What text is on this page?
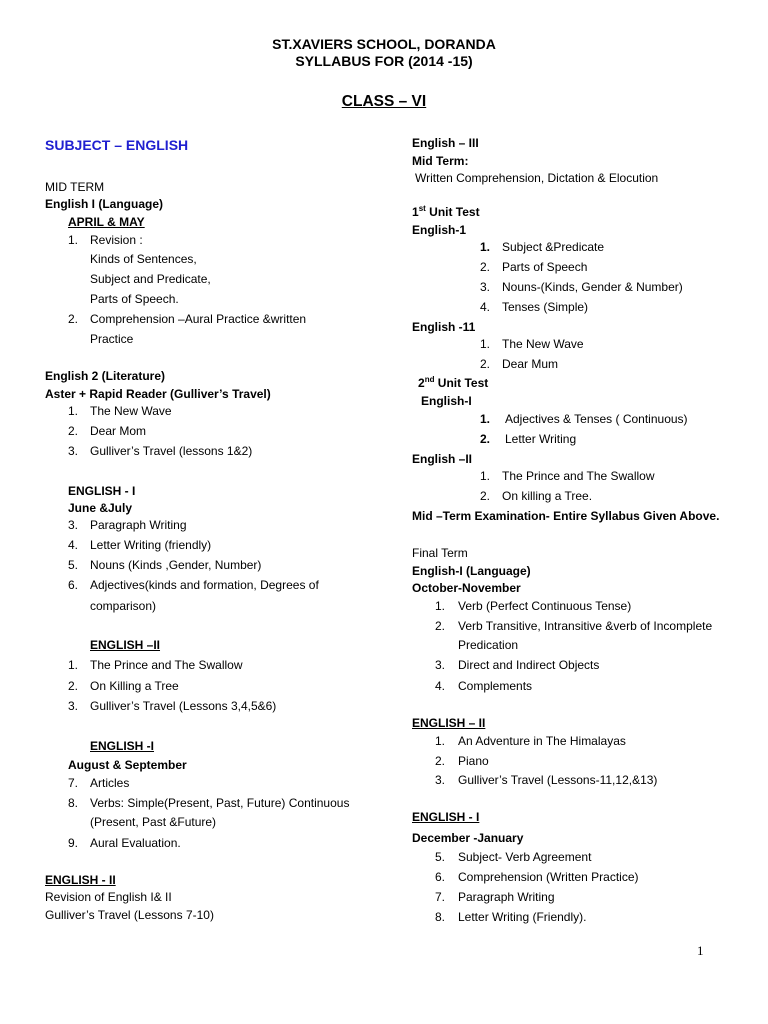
ST.XAVIERS SCHOOL, DORANDA
SYLLABUS FOR (2014 -15)
CLASS – VI
SUBJECT – ENGLISH
MID TERM
English I (Language)
APRIL & MAY
1. Revision :
Kinds of Sentences,
Subject and Predicate,
Parts of Speech.
2. Comprehension –Aural Practice &written
Practice
English 2 (Literature)
Aster + Rapid Reader (Gulliver’s Travel)
1. The New Wave
2. Dear Mom
3. Gulliver’s Travel (lessons 1&2)
ENGLISH - I
June &July
3. Paragraph Writing
4. Letter Writing (friendly)
5. Nouns (Kinds ,Gender, Number)
6. Adjectives(kinds and formation, Degrees of
comparison)
ENGLISH –II
1. The Prince and The Swallow
2. On Killing a Tree
3. Gulliver’s Travel (Lessons 3,4,5&6)
ENGLISH -I
August & September
7. Articles
8. Verbs: Simple(Present, Past, Future) Continuous
(Present, Past &Future)
9. Aural Evaluation.
ENGLISH - II
Revision of English I& II
Gulliver’s Travel (Lessons 7-10)
English – III
Mid Term:
Written Comprehension, Dictation & Elocution
1st Unit Test
English-1
1. Subject &Predicate
2. Parts of Speech
3. Nouns-(Kinds, Gender & Number)
4. Tenses (Simple)
English -11
1. The New Wave
2. Dear Mum
2nd Unit Test
English-I
1. Adjectives & Tenses ( Continuous)
2. Letter Writing
English –II
1. The Prince and The Swallow
2. On killing a Tree.
Mid –Term Examination- Entire Syllabus Given Above.
Final Term
English-I (Language)
October-November
1. Verb (Perfect Continuous Tense)
2. Verb Transitive, Intransitive &verb of Incomplete
Predication
3. Direct and Indirect Objects
4. Complements
ENGLISH – II
1. An Adventure in The Himalayas
2. Piano
3. Gulliver’s Travel (Lessons-11,12,&13)
ENGLISH - I
December -January
5. Subject- Verb Agreement
6. Comprehension (Written Practice)
7. Paragraph Writing
8. Letter Writing (Friendly).
1
